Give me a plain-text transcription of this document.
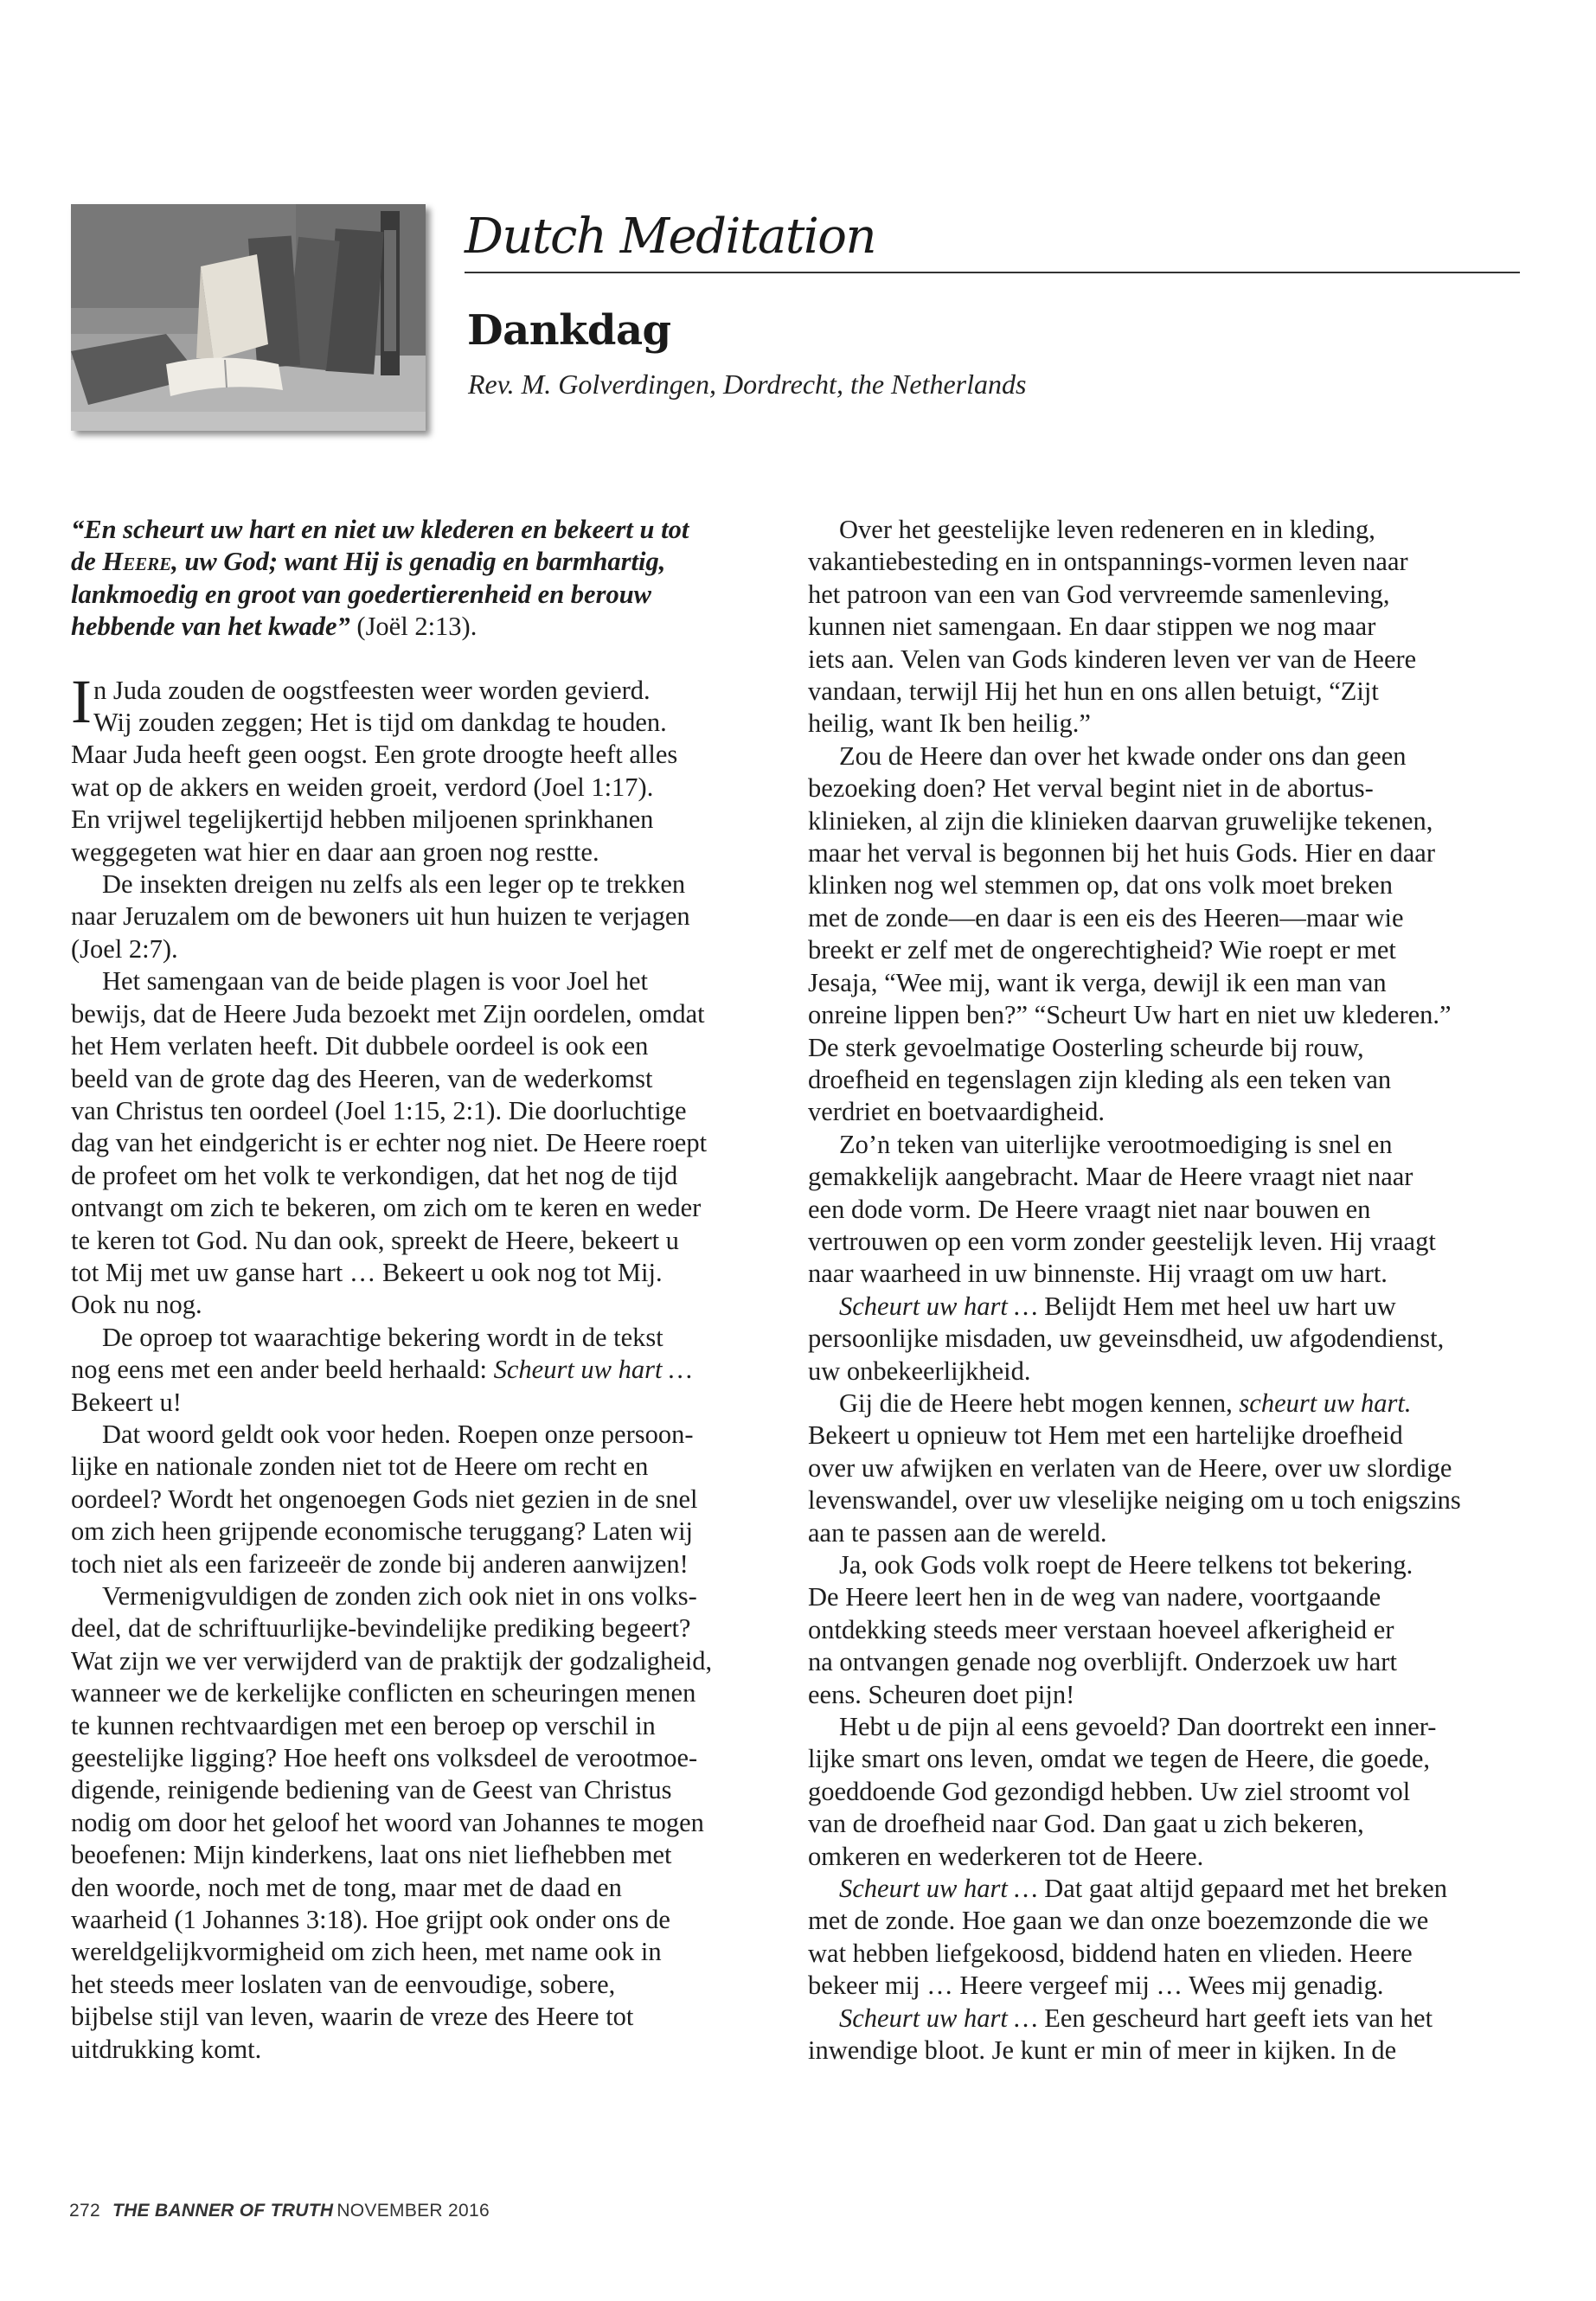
Dutch Meditation
Dankdag
Rev. M. Golverdingen, Dordrecht, the Netherlands

“En scheurt uw hart en niet uw klederen en bekeert u tot

de Heere, uw God; want Hij is genadig en barmhartig,

lankmoedig en groot van goedertierenheid en berouw

hebbende van het kwade” (Joël 2:13).

In Juda zouden de oogstfeesten weer worden gevierd.

Wij zouden zeggen; Het is tijd om dankdag te houden.

Maar Juda heeft geen oogst. Een grote droogte heeft alles

wat op de akkers en weiden groeit, verdord (Joel 1:17).

En vrijwel tegelijkertijd hebben miljoenen sprinkhanen

weggegeten wat hier en daar aan groen nog restte.

De insekten dreigen nu zelfs als een leger op te trekken

naar Jeruzalem om de bewoners uit hun huizen te verjagen

(Joel 2:7).

Het samengaan van de beide plagen is voor Joel het

bewijs, dat de Heere Juda bezoekt met Zijn oordelen, omdat

het Hem verlaten heeft. Dit dubbele oordeel is ook een

beeld van de grote dag des Heeren, van de wederkomst

van Christus ten oordeel (Joel 1:15, 2:1). Die doorluchtige

dag van het eindgericht is er echter nog niet. De Heere roept

de profeet om het volk te verkondigen, dat het nog de tijd

ontvangt om zich te bekeren, om zich om te keren en weder

te keren tot God. Nu dan ook, spreekt de Heere, bekeert u

tot Mij met uw ganse hart … Bekeert u ook nog tot Mij.

Ook nu nog.

De oproep tot waarachtige bekering wordt in de tekst

nog eens met een ander beeld herhaald: Scheurt uw hart …

Bekeert u!

Dat woord geldt ook voor heden. Roepen onze persoon-

lijke en nationale zonden niet tot de Heere om recht en

oordeel? Wordt het ongenoegen Gods niet gezien in de snel

om zich heen grijpende economische teruggang? Laten wij

toch niet als een farizeeër de zonde bij anderen aanwijzen!

Vermenigvuldigen de zonden zich ook niet in ons volks-

deel, dat de schriftuurlijke-bevindelijke prediking begeert?

Wat zijn we ver verwijderd van de praktijk der godzaligheid,

wanneer we de kerkelijke conflicten en scheuringen menen

te kunnen rechtvaardigen met een beroep op verschil in

geestelijke ligging? Hoe heeft ons volksdeel de verootmoe-

digende, reinigende bediening van de Geest van Christus

nodig om door het geloof het woord van Johannes te mogen

beoefenen: Mijn kinderkens, laat ons niet liefhebben met

den woorde, noch met de tong, maar met de daad en

waarheid (1 Johannes 3:18). Hoe grijpt ook onder ons de

wereldgelijkvormigheid om zich heen, met name ook in

het steeds meer loslaten van de eenvoudige, sobere,

bijbelse stijl van leven, waarin de vreze des Heere tot

uitdrukking komt.

Over het geestelijke leven redeneren en in kleding,

vakantiebesteding en in ontspannings-vormen leven naar

het patroon van een van God vervreemde samenleving,

kunnen niet samengaan. En daar stippen we nog maar

iets aan. Velen van Gods kinderen leven ver van de Heere

vandaan, terwijl Hij het hun en ons allen betuigt, “Zijt

heilig, want Ik ben heilig.”

Zou de Heere dan over het kwade onder ons dan geen

bezoeking doen? Het verval begint niet in de abortus-

klinieken, al zijn die klinieken daarvan gruwelijke tekenen,

maar het verval is begonnen bij het huis Gods. Hier en daar

klinken nog wel stemmen op, dat ons volk moet breken

met de zonde—en daar is een eis des Heeren—maar wie

breekt er zelf met de ongerechtigheid? Wie roept er met

Jesaja, “Wee mij, want ik verga, dewijl ik een man van

onreine lippen ben?” “Scheurt Uw hart en niet uw klederen.”

De sterk gevoelmatige Oosterling scheurde bij rouw,

droefheid en tegenslagen zijn kleding als een teken van

verdriet en boetvaardigheid.

Zo’n teken van uiterlijke verootmoediging is snel en

gemakkelijk aangebracht. Maar de Heere vraagt niet naar

een dode vorm. De Heere vraagt niet naar bouwen en

vertrouwen op een vorm zonder geestelijk leven. Hij vraagt

naar waarheed in uw binnenste. Hij vraagt om uw hart.

Scheurt uw hart … Belijdt Hem met heel uw hart uw

persoonlijke misdaden, uw geveinsdheid, uw afgodendienst,

uw onbekeerlijkheid.

Gij die de Heere hebt mogen kennen, scheurt uw hart.

Bekeert u opnieuw tot Hem met een hartelijke droefheid

over uw afwijken en verlaten van de Heere, over uw slordige

levenswandel, over uw vleselijke neiging om u toch enigszins

aan te passen aan de wereld.

Ja, ook Gods volk roept de Heere telkens tot bekering.

De Heere leert hen in de weg van nadere, voortgaande

ontdekking steeds meer verstaan hoeveel afkerigheid er

na ontvangen genade nog overblijft. Onderzoek uw hart

eens. Scheuren doet pijn!

Hebt u de pijn al eens gevoeld? Dan doortrekt een inner-

lijke smart ons leven, omdat we tegen de Heere, die goede,

goeddoende God gezondigd hebben. Uw ziel stroomt vol

van de droefheid naar God. Dan gaat u zich bekeren,

omkeren en wederkeren tot de Heere.

Scheurt uw hart … Dat gaat altijd gepaard met het breken

met de zonde. Hoe gaan we dan onze boezemzonde die we

wat hebben liefgekoosd, biddend haten en vlieden. Heere

bekeer mij … Heere vergeef mij … Wees mij genadig.

Scheurt uw hart … Een gescheurd hart geeft iets van het

inwendige bloot. Je kunt er min of meer in kijken. In de

272 THE BANNER OF TRUTH NOVEMBER 2016
